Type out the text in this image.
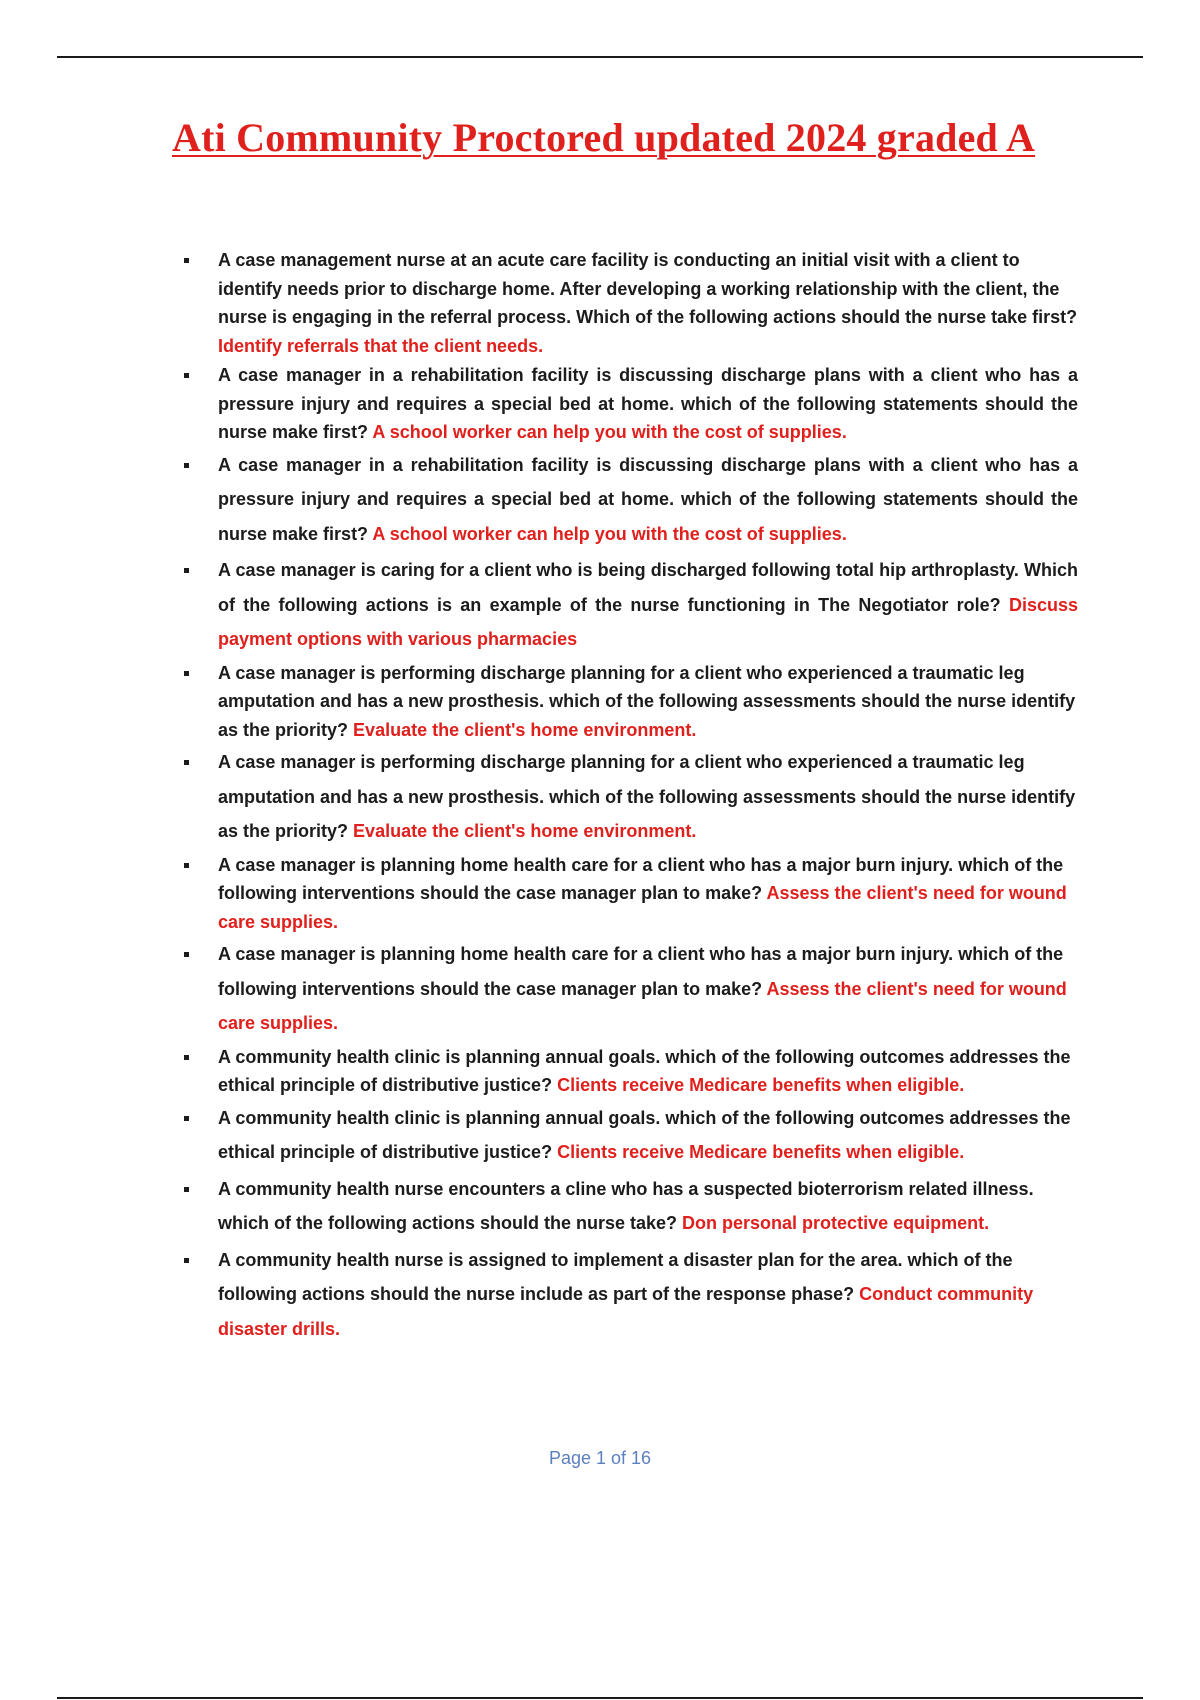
Ati Community Proctored updated 2024 graded A
A case management nurse at an acute care facility is conducting an initial visit with a client to identify needs prior to discharge home. After developing a working relationship with the client, the nurse is engaging in the referral process. Which of the following actions should the nurse take first? Identify referrals that the client needs.
A case manager in a rehabilitation facility is discussing discharge plans with a client who has a pressure injury and requires a special bed at home. which of the following statements should the nurse make first? A school worker can help you with the cost of supplies.
A case manager in a rehabilitation facility is discussing discharge plans with a client who has a pressure injury and requires a special bed at home. which of the following statements should the nurse make first? A school worker can help you with the cost of supplies.
A case manager is caring for a client who is being discharged following total hip arthroplasty. Which of the following actions is an example of the nurse functioning in The Negotiator role? Discuss payment options with various pharmacies
A case manager is performing discharge planning for a client who experienced a traumatic leg amputation and has a new prosthesis. which of the following assessments should the nurse identify as the priority? Evaluate the client's home environment.
A case manager is performing discharge planning for a client who experienced a traumatic leg amputation and has a new prosthesis. which of the following assessments should the nurse identify as the priority? Evaluate the client's home environment.
A case manager is planning home health care for a client who has a major burn injury. which of the following interventions should the case manager plan to make? Assess the client's need for wound care supplies.
A case manager is planning home health care for a client who has a major burn injury. which of the following interventions should the case manager plan to make? Assess the client's need for wound care supplies.
A community health clinic is planning annual goals. which of the following outcomes addresses the ethical principle of distributive justice? Clients receive Medicare benefits when eligible.
A community health clinic is planning annual goals. which of the following outcomes addresses the ethical principle of distributive justice? Clients receive Medicare benefits when eligible.
A community health nurse encounters a cline who has a suspected bioterrorism related illness. which of the following actions should the nurse take? Don personal protective equipment.
A community health nurse is assigned to implement a disaster plan for the area. which of the following actions should the nurse include as part of the response phase? Conduct community disaster drills.
Page 1 of 16
